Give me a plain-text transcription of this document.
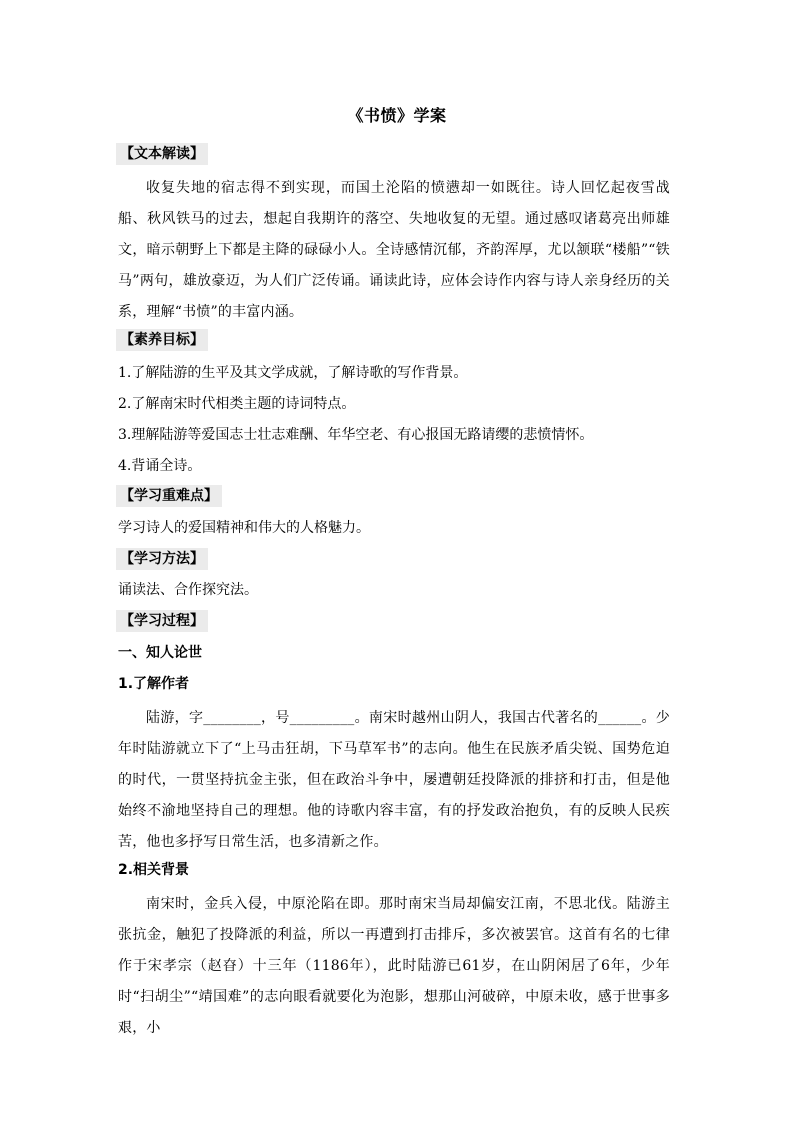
《书愤》学案
【文本解读】
收复失地的宿志得不到实现，而国土沦陷的愤懑却一如既往。诗人回忆起夜雪战船、秋风铁马的过去，想起自我期许的落空、失地收复的无望。通过感叹诸葛亮出师雄文，暗示朝野上下都是主降的碌碌小人。全诗感情沉郁，齐韵浑厚，尤以颔联“楼船”“铁马”两句，雄放豪迈，为人们广泛传诵。诵读此诗，应体会诗作内容与诗人亲身经历的关系，理解“书愤”的丰富内涵。
【素养目标】
1.了解陆游的生平及其文学成就，了解诗歌的写作背景。
2.了解南宋时代相类主题的诗词特点。
3.理解陆游等爱国志士壮志难酬、年华空老、有心报国无路请缨的悲愤情怀。
4.背诵全诗。
【学习重难点】
学习诗人的爱国精神和伟大的人格魅力。
【学习方法】
诵读法、合作探究法。
【学习过程】
一、知人论世
1.了解作者
陆游，字________，号_________。南宋时越州山阴人，我国古代著名的______。少年时陆游就立下了“上马击狂胡，下马草军书”的志向。他生在民族矛盾尖锐、国势危迫的时代，一贯坚持抗金主张，但在政治斗争中，屡遭朝廷投降派的排挤和打击，但是他始终不渝地坚持自己的理想。他的诗歌内容丰富，有的抒发政治抱负，有的反映人民疾苦，他也多抒写日常生活，也多清新之作。
2.相关背景
南宋时，金兵入侵，中原沦陷在即。那时南宋当局却偏安江南，不思北伐。陆游主张抗金，触犯了投降派的利益，所以一再遭到打击排斥，多次被罢官。这首有名的七律作于宋孝宗（赵昚）十三年（1186年），此时陆游已61岁，在山阴闲居了6年，少年时“扫胡尘”“靖国难”的志向眼看就要化为泡影，想那山河破碎，中原未收，感于世事多艰，小
